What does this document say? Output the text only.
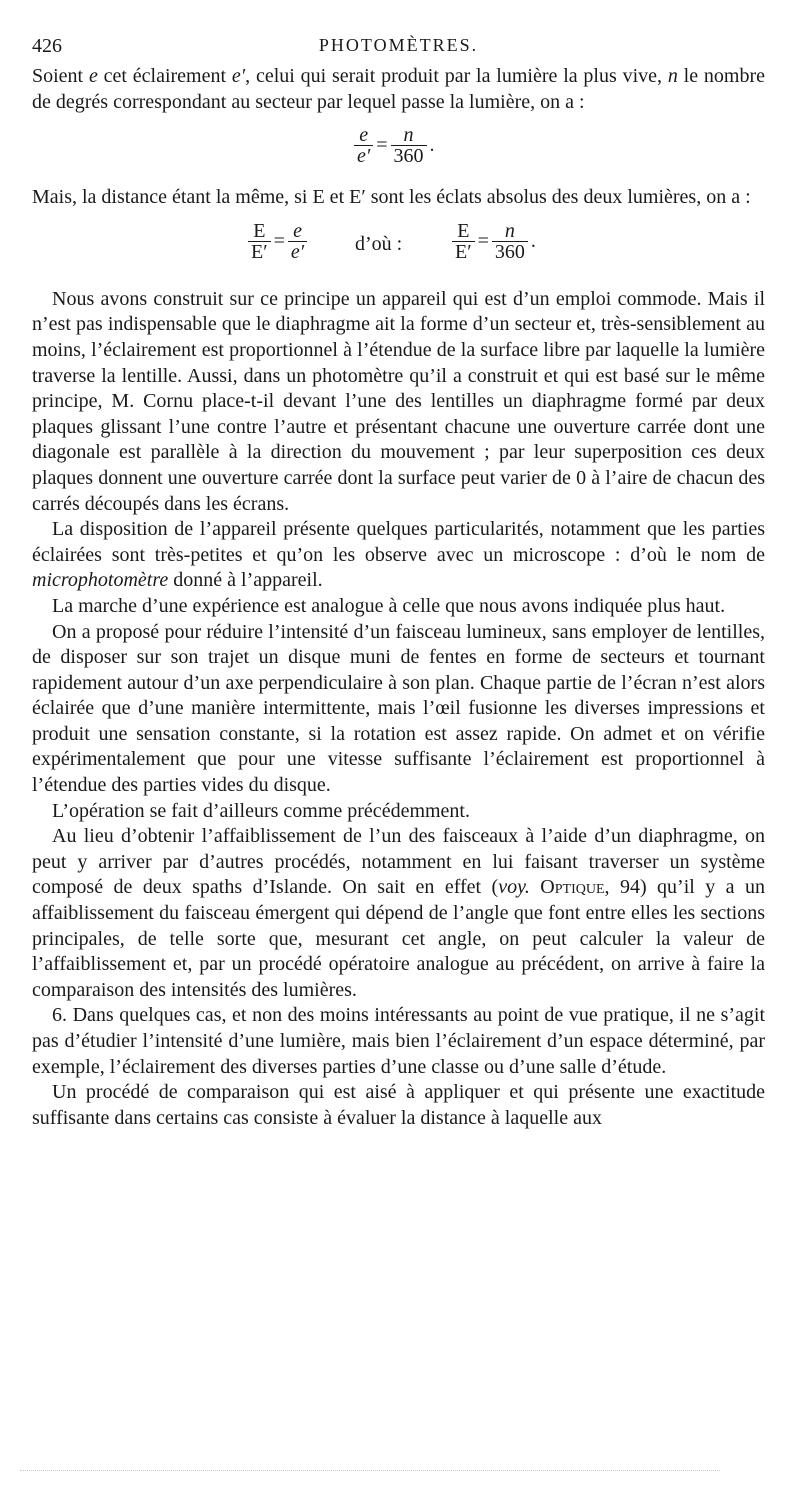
426	PHOTOMÈTRES.

Soient e cet éclairement e′, celui qui serait produit par la lumière la plus vive, n le nombre de degrés correspondant au secteur par lequel passe la lumière, on a :

$\frac{e}{e'} = \frac{n}{360}$ .

Mais, la distance étant la même, si E et E′ sont les éclats absolus des deux lumières, on a :

$\frac{E}{E'} = \frac{e}{e'}$ d’où : $\frac{E}{E'} = \frac{n}{360}$ .

Nous avons construit sur ce principe un appareil qui est d’un emploi commode. Mais il n’est pas indispensable que le diaphragme ait la forme d’un secteur et, très-sensiblement au moins, l’éclairement est proportionnel à l’étendue de la surface libre par laquelle la lumière traverse la lentille. Aussi, dans un photomètre qu’il a construit et qui est basé sur le même principe, M. Cornu place-t-il devant l’une des lentilles un diaphragme formé par deux plaques glissant l’une contre l’autre et présentant chacune une ouverture carrée dont une diagonale est parallèle à la direction du mouvement ; par leur superposition ces deux plaques donnent une ouverture carrée dont la surface peut varier de 0 à l’aire de chacun des carrés découpés dans les écrans.

La disposition de l’appareil présente quelques particularités, notamment que les parties éclairées sont très-petites et qu’on les observe avec un microscope : d’où le nom de microphotomètre donné à l’appareil.

La marche d’une expérience est analogue à celle que nous avons indiquée plus haut.

On a proposé pour réduire l’intensité d’un faisceau lumineux, sans employer de lentilles, de disposer sur son trajet un disque muni de fentes en forme de secteurs et tournant rapidement autour d’un axe perpendiculaire à son plan. Chaque partie de l’écran n’est alors éclairée que d’une manière intermittente, mais l’œil fusionne les diverses impressions et produit une sensation constante, si la rotation est assez rapide. On admet et on vérifie expérimentalement que pour une vitesse suffisante l’éclairement est proportionnel à l’étendue des parties vides du disque.

L’opération se fait d’ailleurs comme précédemment.

Au lieu d’obtenir l’affaiblissement de l’un des faisceaux à l’aide d’un diaphragme, on peut y arriver par d’autres procédés, notamment en lui faisant traverser un système composé de deux spaths d’Islande. On sait en effet (voy. Optique, 94) qu’il y a un affaiblissement du faisceau émergent qui dépend de l’angle que font entre elles les sections principales, de telle sorte que, mesurant cet angle, on peut calculer la valeur de l’affaiblissement et, par un procédé opératoire analogue au précédent, on arrive à faire la comparaison des intensités des lumières.

6. Dans quelques cas, et non des moins intéressants au point de vue pratique, il ne s’agit pas d’étudier l’intensité d’une lumière, mais bien l’éclairement d’un espace déterminé, par exemple, l’éclairement des diverses parties d’une classe ou d’une salle d’étude.

Un procédé de comparaison qui est aisé à appliquer et qui présente une exactitude suffisante dans certains cas consiste à évaluer la distance à laquelle aux
